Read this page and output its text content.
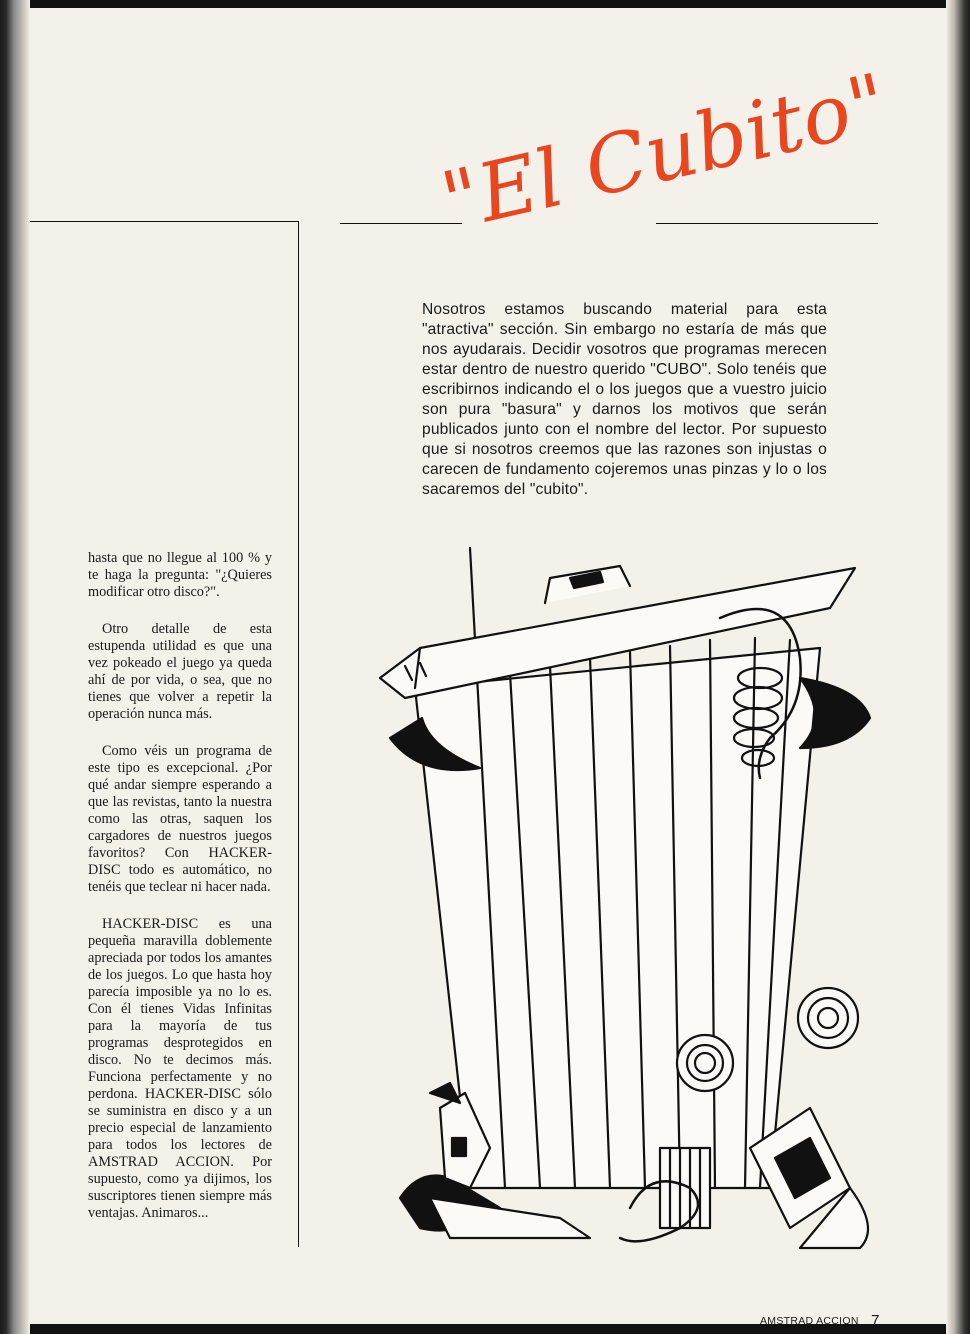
hasta que no llegue al 100 % y te haga la pregunta: "¿Quieres modificar otro disco?".

Otro detalle de esta estupenda utilidad es que una vez pokeado el juego ya queda ahí de por vida, o sea, que no tienes que volver a repetir la operación nunca más.

Como véis un programa de este tipo es excepcional. ¿Por qué andar siempre esperando a que las revistas, tanto la nuestra como las otras, saquen los cargadores de nuestros juegos favoritos? Con HACKER-DISC todo es automático, no tenéis que teclear ni hacer nada.

HACKER-DISC es una pequeña maravilla doblemente apreciada por todos los amantes de los juegos. Lo que hasta hoy parecía imposible ya no lo es. Con él tienes Vidas Infinitas para la mayoría de tus programas desprotegidos en disco. No te decimos más. Funciona perfectamente y no perdona. HACKER-DISC sólo se suministra en disco y a un precio especial de lanzamiento para todos los lectores de AMSTRAD ACCION. Por supuesto, como ya dijimos, los suscriptores tienen siempre más ventajas. Animaros...

"El Cubito"
Nosotros estamos buscando material para esta "atractiva" sección. Sin embargo no estaría de más que nos ayudarais. Decidir vosotros que programas merecen estar dentro de nuestro querido "CUBO". Solo tenéis que escribirnos indicando el o los juegos que a vuestro juicio son pura "basura" y darnos los motivos que serán publicados junto con el nombre del lector. Por supuesto que si nosotros creemos que las razones son injustas o carecen de fundamento cojeremos unas pinzas y lo o los sacaremos del "cubito".
AMSTRAD ACCION 7
